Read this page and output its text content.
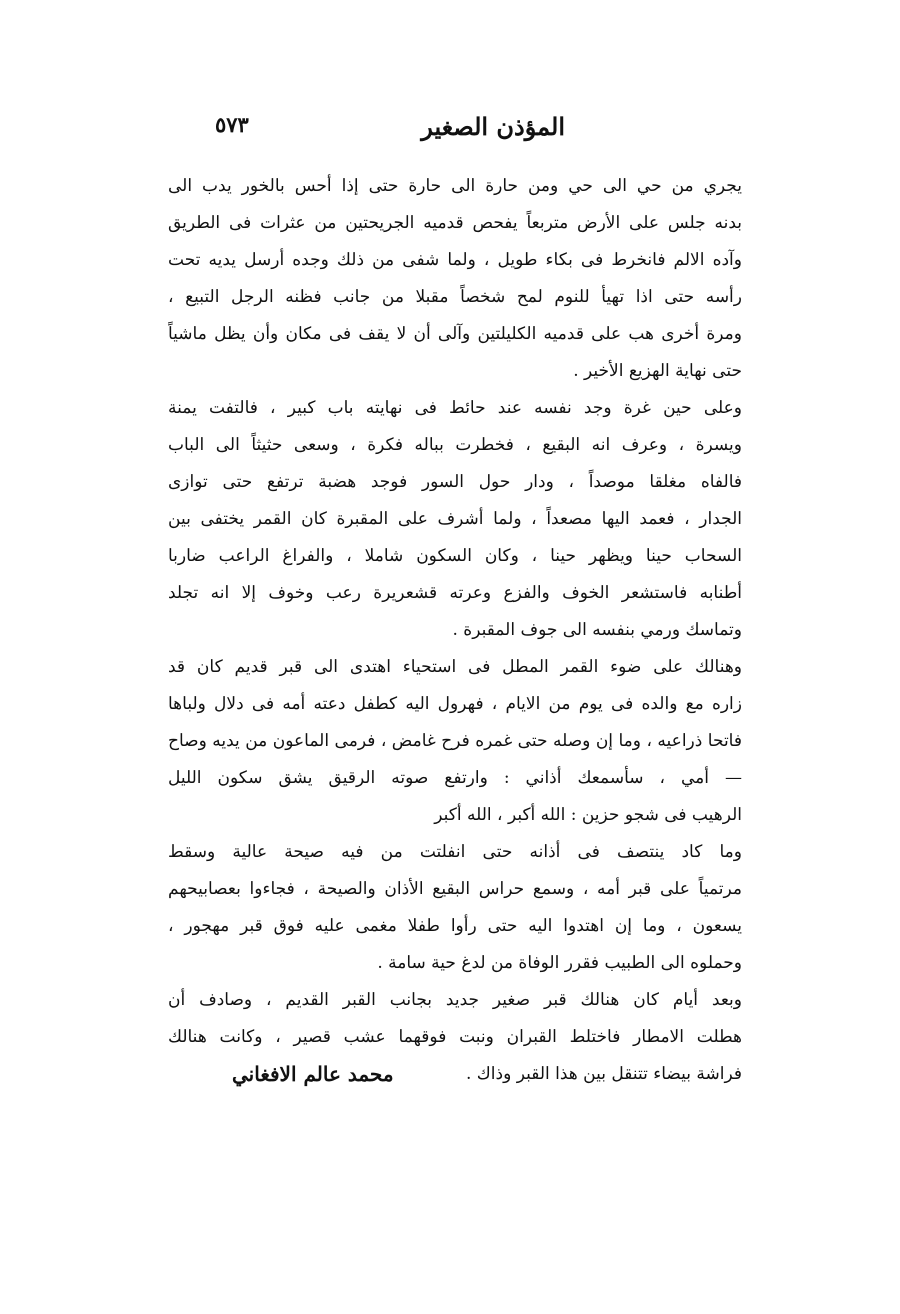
٥٧٣	المؤذن الصغير
يجري من حي الى حي ومن حارة الى حارة حتى إذا أحس بالخور يدب الى
بدنه جلس على الأرض متربعاً يفحص قدميه الجريحتين من عثرات فى الطريق
وآده الالم فانخرط فى بكاء طويل ، ولما شفى من ذلك وجده أرسل يديه تحت
رأسه حتى اذا تهيأ للنوم لمح شخصاً مقبلا من جانب فظنه الرجل التبيع ،
ومرة أخرى هب على قدميه الكليلتين وآلى أن لا يقف فى مكان وأن يظل ماشياً
حتى نهاية الهزيع الأخير .
وعلى حين غرة وجد نفسه عند حائط فى نهايته باب كبير ، فالتفت يمنة
ويسرة ، وعرف انه البقيع ، فخطرت بباله فكرة ، وسعى حثيثاً الى الباب
فالفاه مغلقا موصداً ، ودار حول السور فوجد هضبة ترتفع حتى توازى
الجدار ، فعمد اليها مصعداً ، ولما أشرف على المقبرة كان القمر يختفى بين
السحاب حينا ويظهر حينا ، وكان السكون شاملا ، والفراغ الراعب ضاربا
أطنابه فاستشعر الخوف والفزع وعرته قشعريرة رعب وخوف إلا انه تجلد
وتماسك ورمي بنفسه الى جوف المقبرة .
وهنالك على ضوء القمر المطل فى استحياء اهتدى الى قبر قديم كان قد
زاره مع والده فى يوم من الايام ، فهرول اليه كطفل دعته أمه فى دلال ولباها
فاتحا ذراعيه ، وما إن وصله حتى غمره فرح غامض ، فرمى الماعون من يديه وصاح
— أمي ، سأسمعك أذاني : وارتفع صوته الرقيق يشق سكون الليل
الرهيب فى شجو حزين : الله أكبر ، الله أكبر
وما كاد ينتصف فى أذانه حتى انفلتت من فيه صيحة عالية وسقط
مرتمياً على قبر أمه ، وسمع حراس البقيع الأذان والصيحة ، فجاءوا بعصابيحهم
يسعون ، وما إن اهتدوا اليه حتى رأوا طفلا مغمى عليه فوق قبر مهجور ،
وحملوه الى الطبيب فقرر الوفاة من لدغ حية سامة .
وبعد أيام كان هنالك قبر صغير جديد بجانب القبر القديم ، وصادف أن
هطلت الامطار فاختلط القبران ونبت فوقهما عشب قصير ، وكانت هنالك
فراشة بيضاء تتنقل بين هذا القبر وذاك .
محمد عالم الافغاني
